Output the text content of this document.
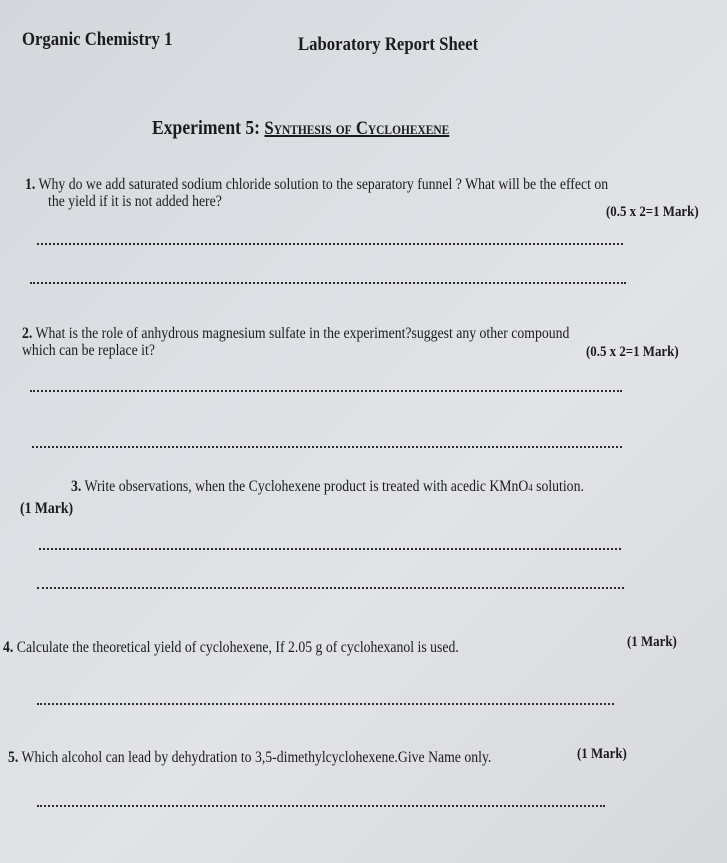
Organic Chemistry 1	Laboratory Report Sheet
Experiment 5: Synthesis of Cyclohexene
1. Why do we add saturated sodium chloride solution to the separatory funnel ? What will be the effect on
the yield if it is not added here?
(0.5 x 2=1 Mark)
2. What is the role of anhydrous magnesium sulfate in the experiment?suggest any other compound
which can be replace it?	(0.5 x 2=1 Mark)
3. Write observations, when the Cyclohexene product is treated with acedic KMnO4 solution.
(1 Mark)
4. Calculate the theoretical yield of cyclohexene, If 2.05 g of cyclohexanol is used.	(1 Mark)
5. Which alcohol can lead by dehydration to 3,5-dimethylcyclohexene.Give Name only.	(1 Mark)
